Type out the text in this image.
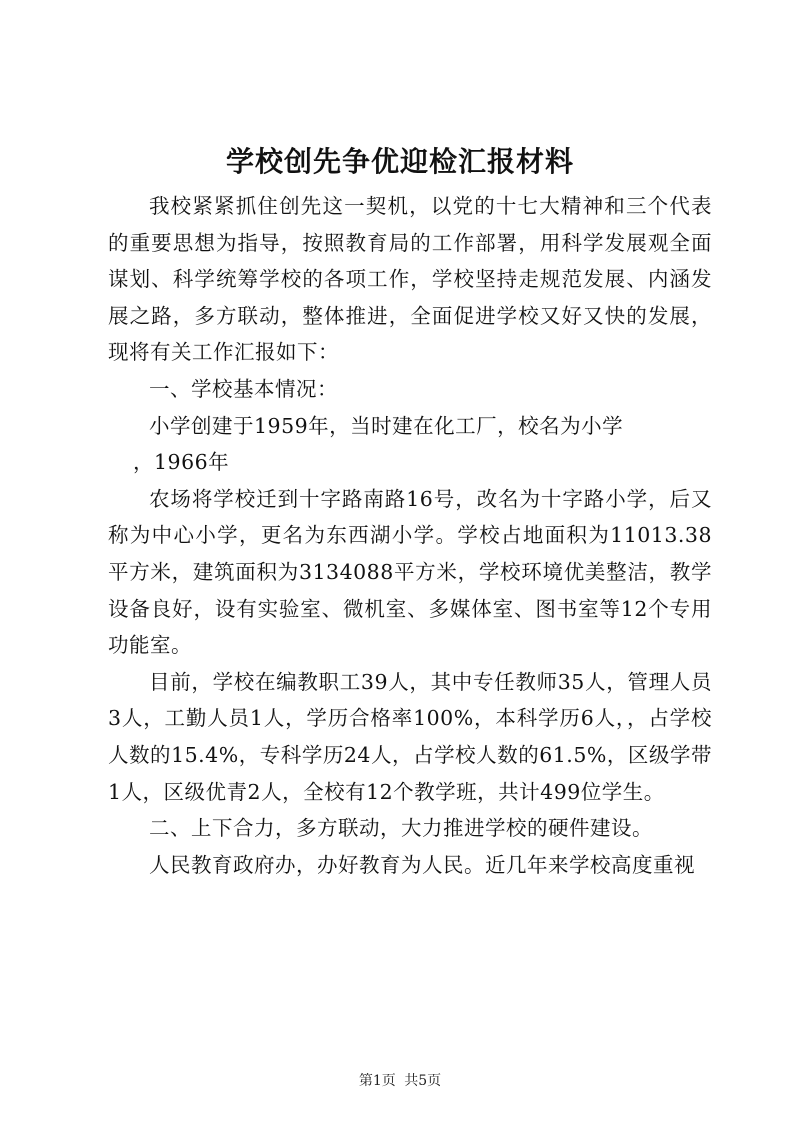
学校创先争优迎检汇报材料

我校紧紧抓住创先这一契机，以党的十七大精神和三个代表的重要思想为指导，按照教育局的工作部署，用科学发展观全面谋划、科学统筹学校的各项工作，学校坚持走规范发展、内涵发展之路，多方联动，整体推进，全面促进学校又好又快的发展，现将有关工作汇报如下：

一、学校基本情况：

小学创建于1959年，当时建在化工厂，校名为小学

，1966年

农场将学校迁到十字路南路16号，改名为十字路小学，后又称为中心小学，更名为东西湖小学。学校占地面积为11013.38平方米，建筑面积为3134088平方米，学校环境优美整洁，教学设备良好，设有实验室、微机室、多媒体室、图书室等12个专用功能室。

目前，学校在编教职工39人，其中专任教师35人，管理人员3人，工勤人员1人，学历合格率100%，本科学历6人，，占学校人数的15.4%，专科学历24人，占学校人数的61.5%，区级学带1人，区级优青2人，全校有12个教学班，共计499位学生。

二、上下合力，多方联动，大力推进学校的硬件建设。

人民教育政府办，办好教育为人民。近几年来学校高度重视

第1页 共5页
